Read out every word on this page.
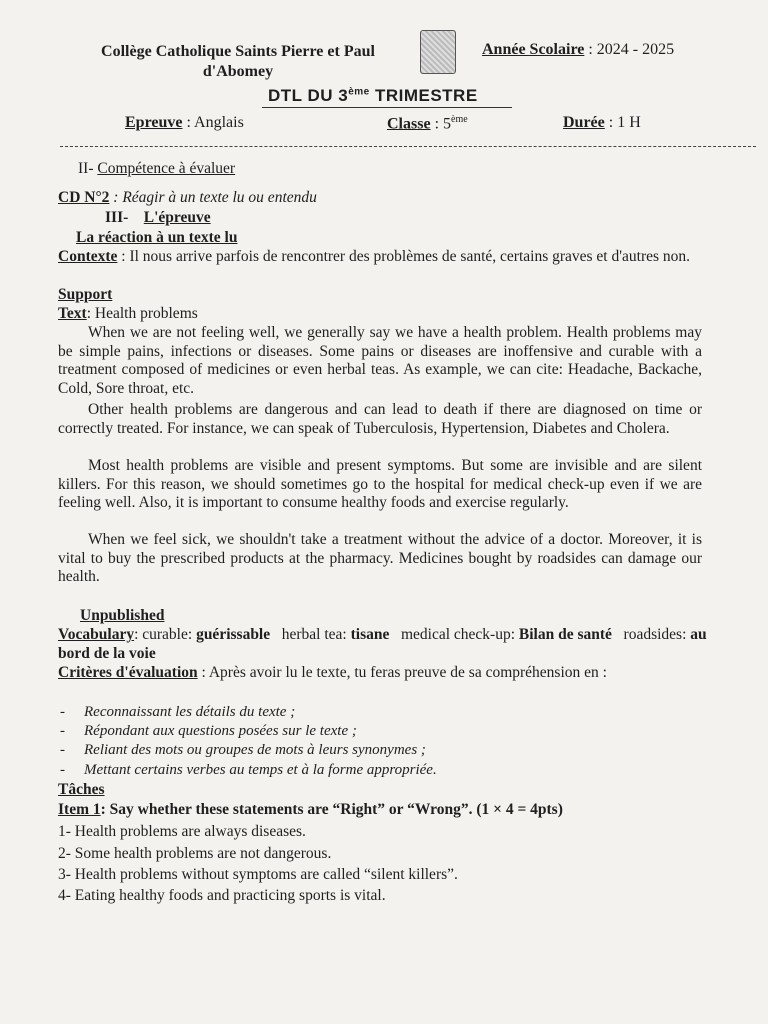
Collège Catholique Saints Pierre et Paul
d'Abomey
Année Scolaire : 2024 - 2025
DTL DU 3ème TRIMESTRE
Epreuve : Anglais	Classe : 5ème	Durée : 1 H
II- Compétence à évaluer
CD N°2 : Réagir à un texte lu ou entendu
III- L'épreuve
La réaction à un texte lu
Contexte : Il nous arrive parfois de rencontrer des problèmes de santé, certains graves et d'autres non.
Support
Text: Health problems
When we are not feeling well, we generally say we have a health problem. Health problems may be simple pains, infections or diseases. Some pains or diseases are inoffensive and curable with a treatment composed of medicines or even herbal teas. As example, we can cite: Headache, Backache, Cold, Sore throat, etc.
Other health problems are dangerous and can lead to death if there are diagnosed on time or correctly treated. For instance, we can speak of Tuberculosis, Hypertension, Diabetes and Cholera.
Most health problems are visible and present symptoms. But some are invisible and are silent killers. For this reason, we should sometimes go to the hospital for medical check-up even if we are feeling well. Also, it is important to consume healthy foods and exercise regularly.
When we feel sick, we shouldn't take a treatment without the advice of a doctor. Moreover, it is vital to buy the prescribed products at the pharmacy. Medicines bought by roadsides can damage our health.
Unpublished
Vocabulary: curable: guérissable   herbal tea: tisane   medical check-up: Bilan de santé   roadsides: au bord de la voie
Critères d'évaluation : Après avoir lu le texte, tu feras preuve de sa compréhension en :
- Reconnaissant les détails du texte ;
- Répondant aux questions posées sur le texte ;
- Reliant des mots ou groupes de mots à leurs synonymes ;
- Mettant certains verbes au temps et à la forme appropriée.
Tâches
Item 1: Say whether these statements are “Right” or “Wrong”. (1 × 4 = 4pts)
1- Health problems are always diseases.
2- Some health problems are not dangerous.
3- Health problems without symptoms are called “silent killers”.
4- Eating healthy foods and practicing sports is vital.
